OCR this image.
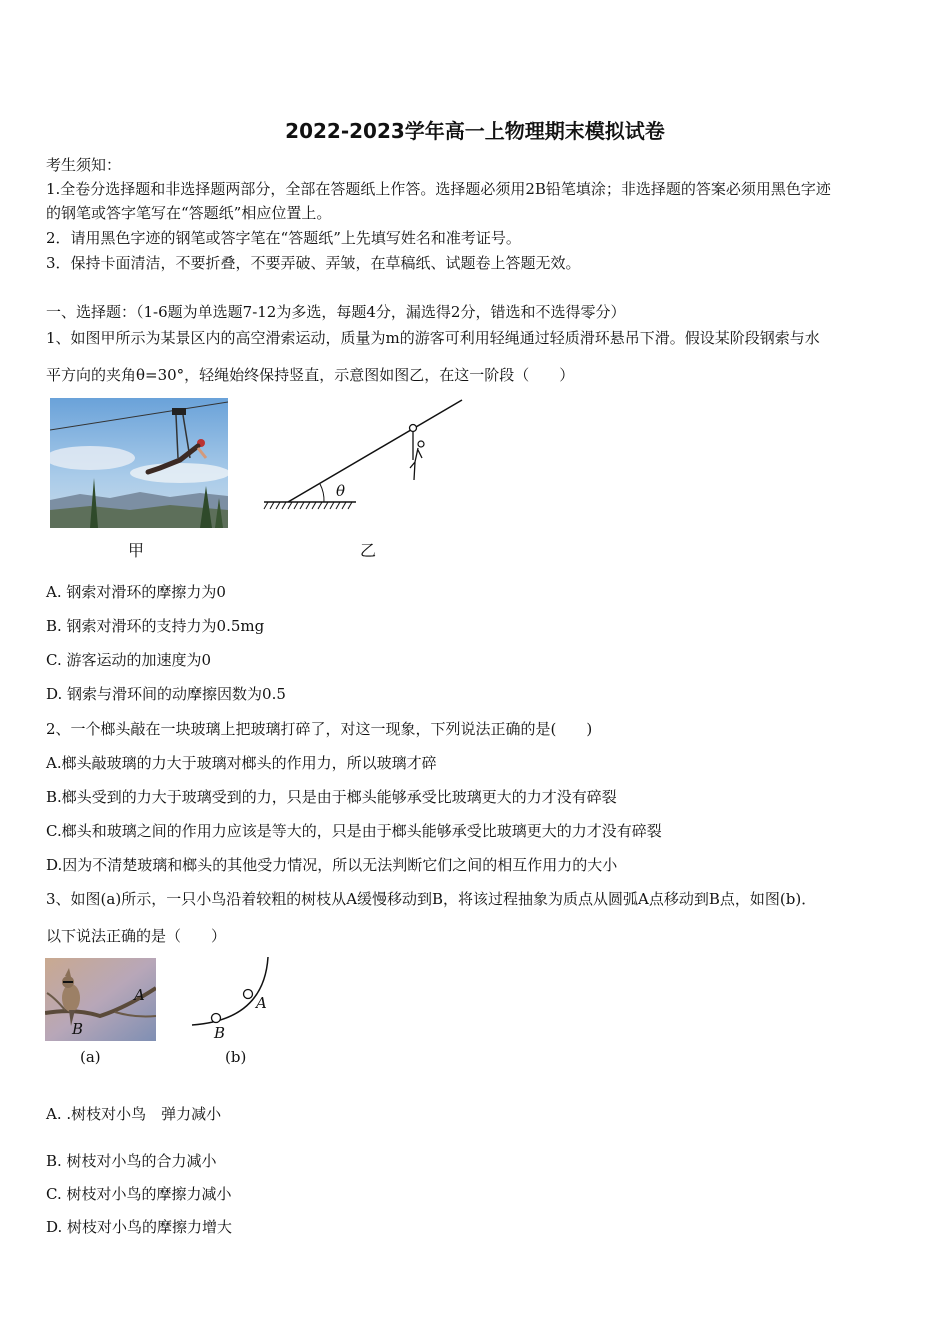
2022-2023学年高一上物理期末模拟试卷
考生须知：
1.全卷分选择题和非选择题两部分，全部在答题纸上作答。选择题必须用2B铅笔填涂；非选择题的答案必须用黑色字迹
的钢笔或答字笔写在“答题纸”相应位置上。
2．请用黑色字迹的钢笔或答字笔在“答题纸”上先填写姓名和准考证号。
3．保持卡面清洁，不要折叠，不要弄破、弄皱，在草稿纸、试题卷上答题无效。
一、选择题：（1-6题为单选题7-12为多选，每题4分，漏选得2分，错选和不选得零分）
1、如图甲所示为某景区内的高空滑索运动，质量为m的游客可利用轻绳通过轻质滑环悬吊下滑。假设某阶段钢索与水
平方向的夹角θ=30°，轻绳始终保持竖直，示意图如图乙，在这一阶段（　　）
θ
甲	乙
A. 钢索对滑环的摩擦力为0
B. 钢索对滑环的支持力为0.5mg
C. 游客运动的加速度为0
D. 钢索与滑环间的动摩擦因数为0.5
2、一个榔头敲在一块玻璃上把玻璃打碎了，对这一现象，下列说法正确的是(　　)
A.榔头敲玻璃的力大于玻璃对榔头的作用力，所以玻璃才碎
B.榔头受到的力大于玻璃受到的力，只是由于榔头能够承受比玻璃更大的力才没有碎裂
C.榔头和玻璃之间的作用力应该是等大的，只是由于榔头能够承受比玻璃更大的力才没有碎裂
D.因为不清楚玻璃和榔头的其他受力情况，所以无法判断它们之间的相互作用力的大小
3、如图(a)所示，一只小鸟沿着较粗的树枝从A缓慢移动到B，将该过程抽象为质点从圆弧A点移动到B点，如图(b)．
以下说法正确的是（　　）
A
B
A
B
(a)	(b)
A. .树枝对小鸟　弹力减小
B. 树枝对小鸟的合力减小
C. 树枝对小鸟的摩擦力减小
D. 树枝对小鸟的摩擦力增大
